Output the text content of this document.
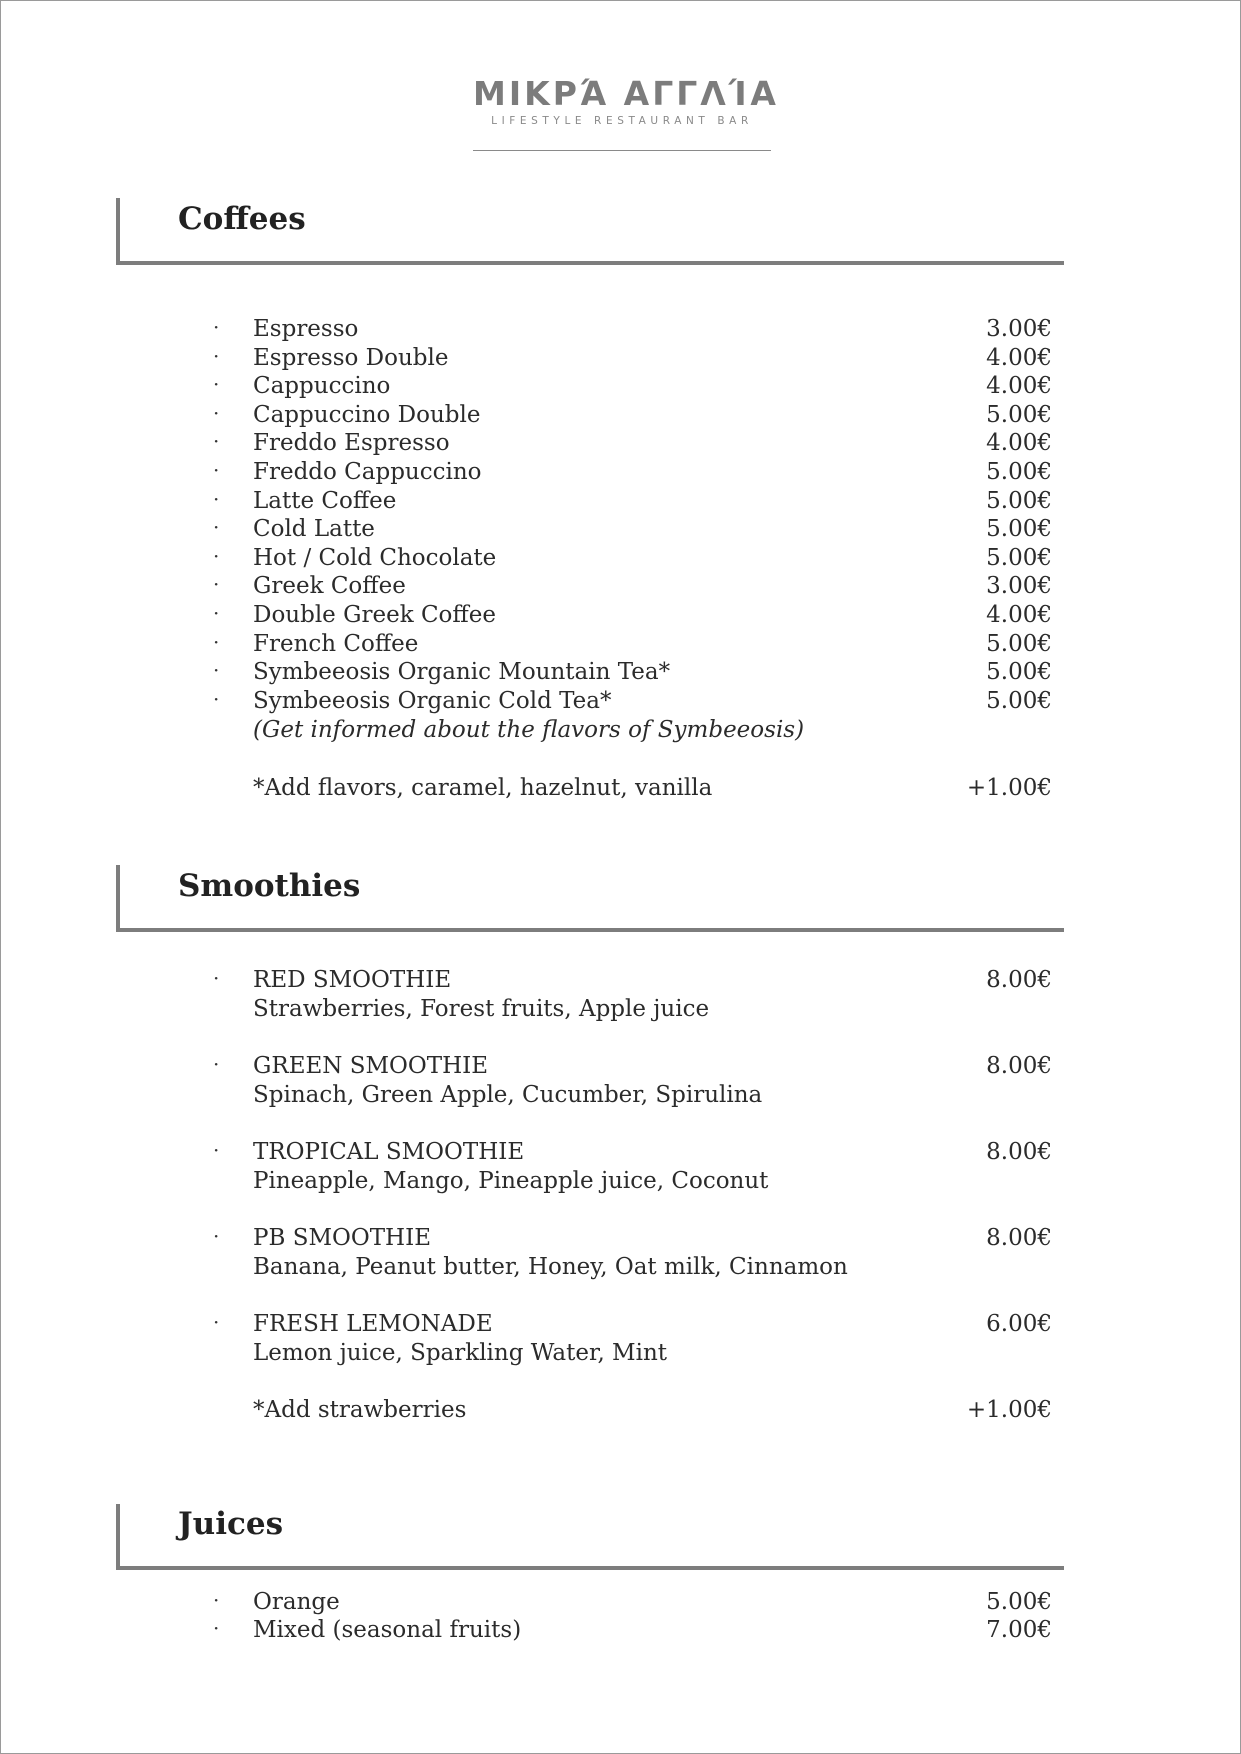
ΜΙΚΡΆ ΑΓΓΛΊΑ
LIFESTYLE RESTAURANT BAR
Coffees
· Espresso	3.00€
· Espresso Double	4.00€
· Cappuccino	4.00€
· Cappuccino Double	5.00€
· Freddo Espresso	4.00€
· Freddo Cappuccino	5.00€
· Latte Coffee	5.00€
· Cold Latte	5.00€
· Hot / Cold Chocolate	5.00€
· Greek Coffee	3.00€
· Double Greek Coffee	4.00€
· French Coffee	5.00€
· Symbeeosis Organic Mountain Tea*	5.00€
· Symbeeosis Organic Cold Tea*	5.00€
(Get informed about the flavors of Symbeeosis)
*Add flavors, caramel, hazelnut, vanilla	+1.00€
Smoothies
· RED SMOOTHIE	8.00€
Strawberries, Forest fruits, Apple juice
· GREEN SMOOTHIE	8.00€
Spinach, Green Apple, Cucumber, Spirulina
· TROPICAL SMOOTHIE	8.00€
Pineapple, Mango, Pineapple juice, Coconut
· PB SMOOTHIE	8.00€
Banana, Peanut butter, Honey, Oat milk, Cinnamon
· FRESH LEMONADE	6.00€
Lemon juice, Sparkling Water, Mint
*Add strawberries	+1.00€
Juices
· Orange	5.00€
· Mixed (seasonal fruits)	7.00€
